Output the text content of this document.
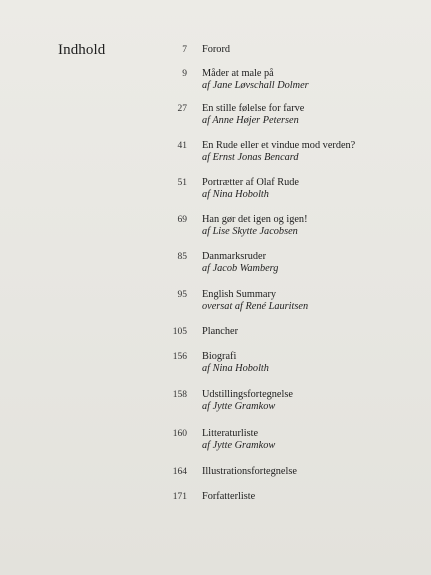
Indhold	7 Forord
9 Måder at male på
af Jane Løvschall Dolmer
27 En stille følelse for farve
af Anne Højer Petersen
41 En Rude eller et vindue mod verden?
af Ernst Jonas Bencard
51 Portrætter af Olaf Rude
af Nina Hobolth
69 Han gør det igen og igen!
af Lise Skytte Jacobsen
85 Danmarksruder
af Jacob Wamberg
95 English Summary
oversat af René Lauritsen
105 Plancher
156 Biografi
af Nina Hobolth
158 Udstillingsfortegnelse
af Jytte Gramkow
160 Litteraturliste
af Jytte Gramkow
164 Illustrationsfortegnelse
171 Forfatterliste
